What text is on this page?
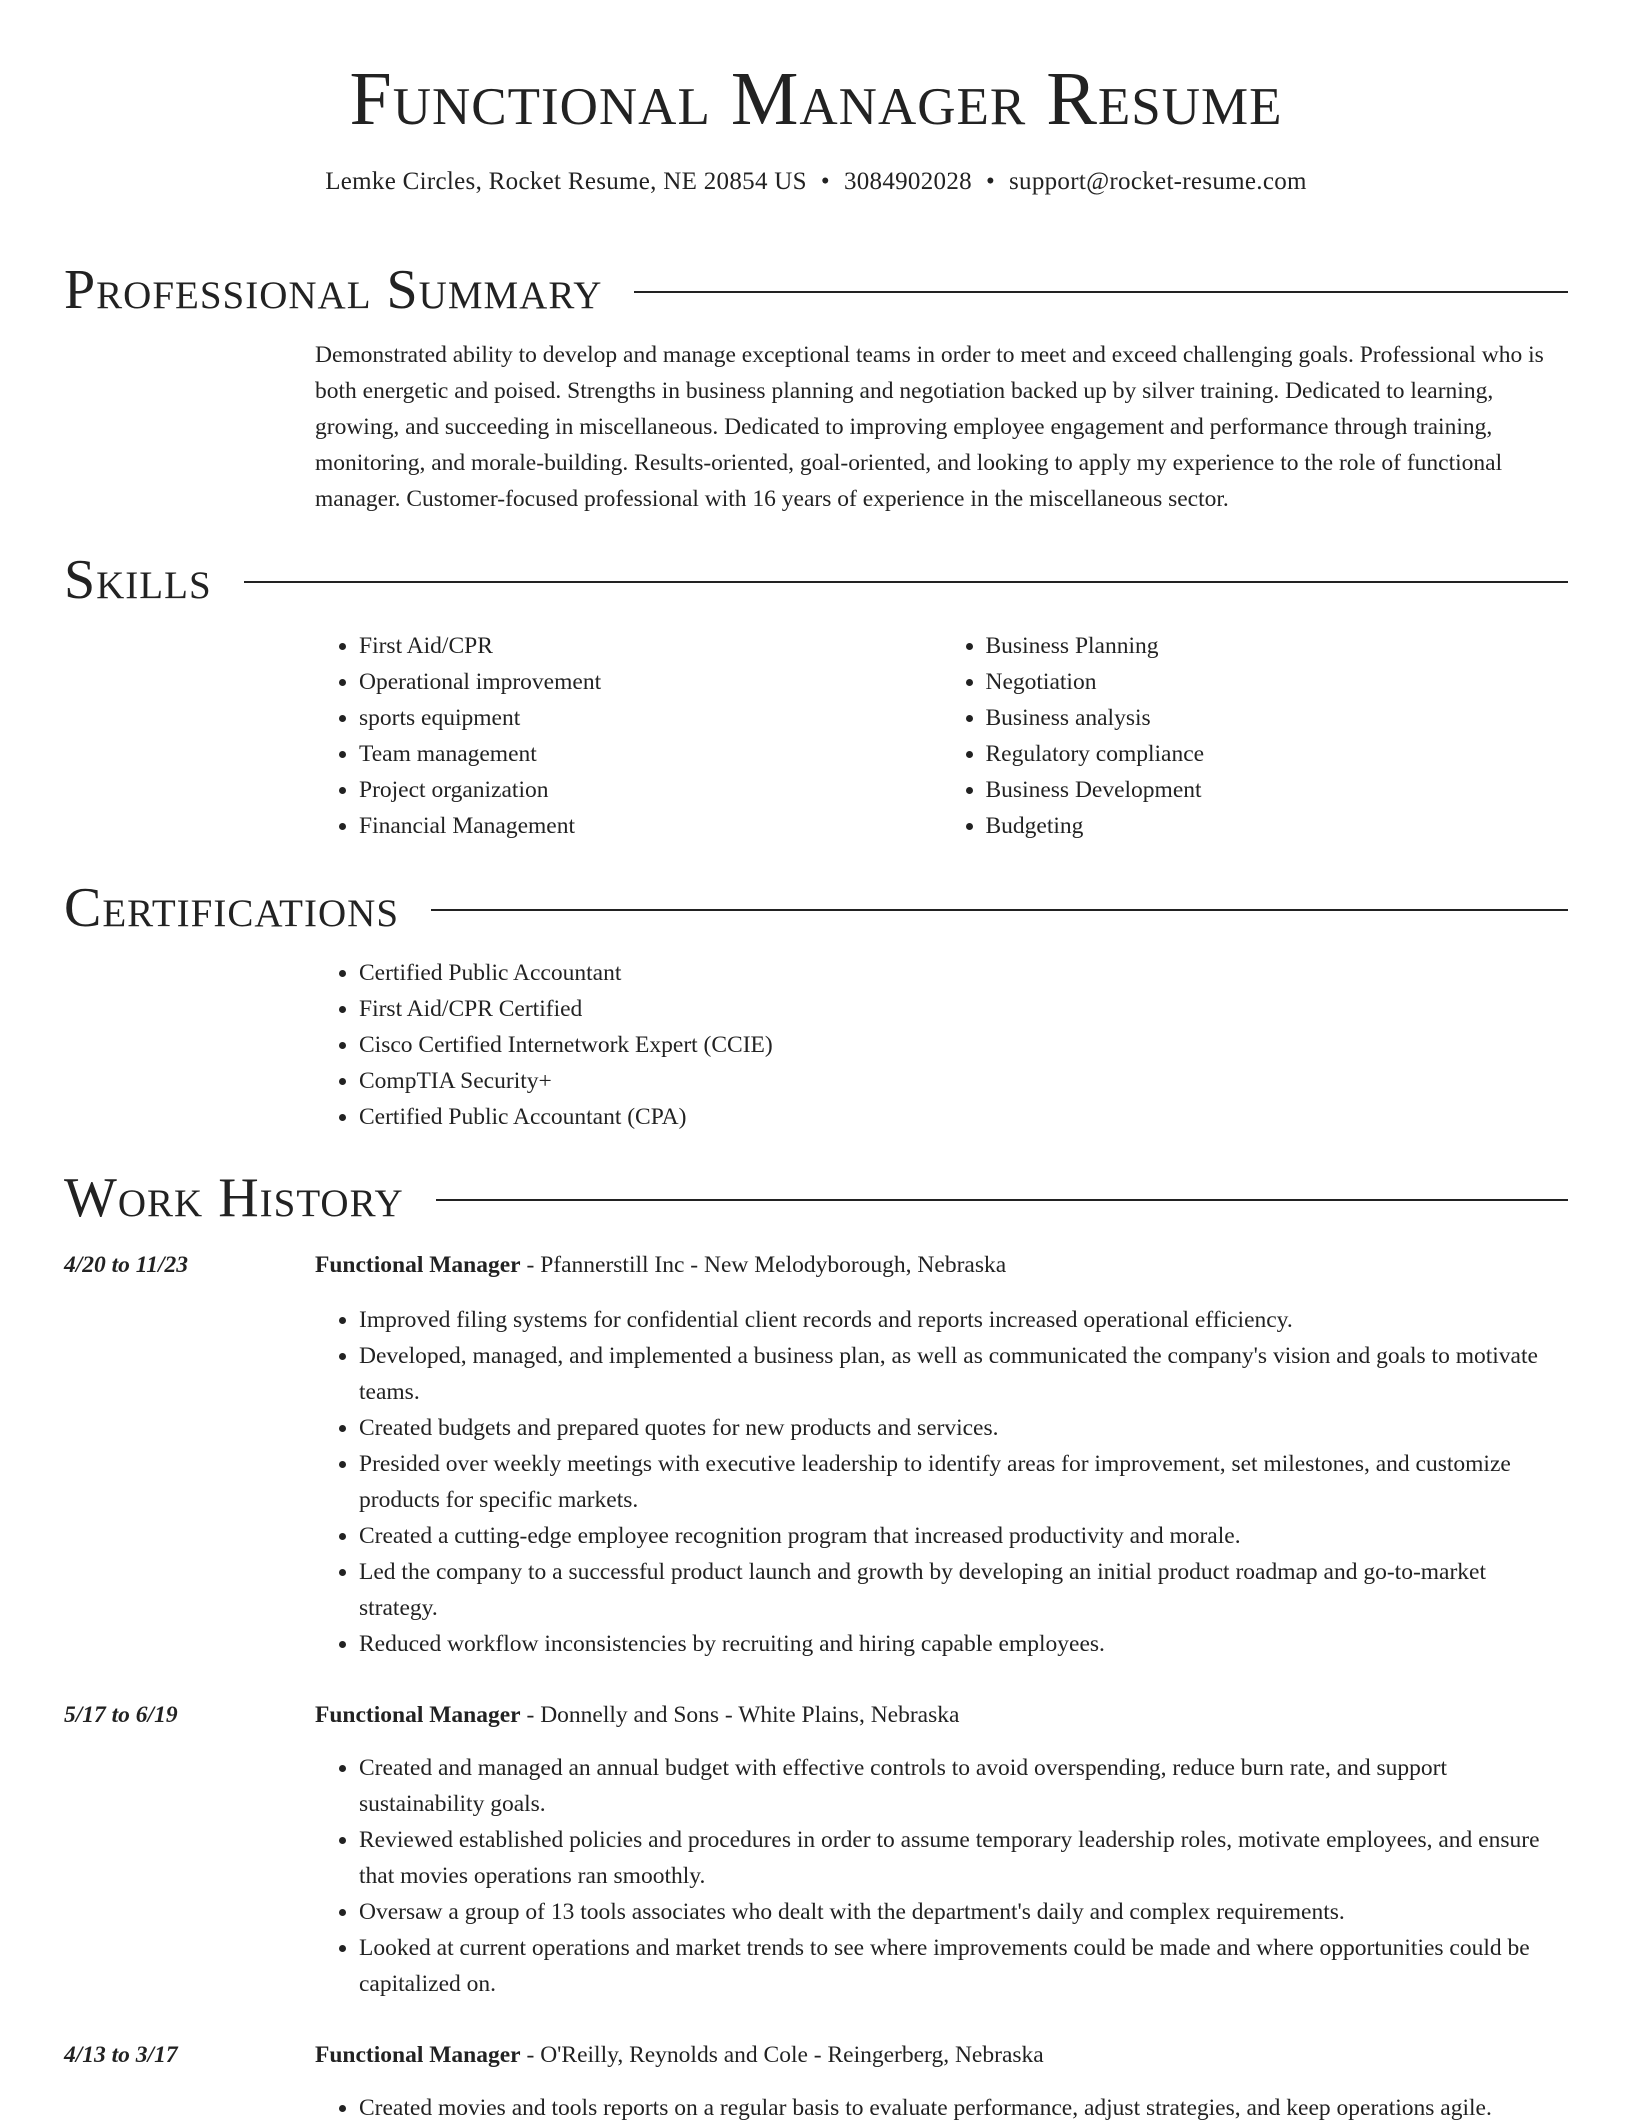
Functional Manager Resume
Lemke Circles, Rocket Resume, NE 20854 US • 3084902028 • support@rocket-resume.com
Professional Summary

Demonstrated ability to develop and manage exceptional teams in order to meet and exceed challenging goals. Professional who is both energetic and poised. Strengths in business planning and negotiation backed up by silver training. Dedicated to learning, growing, and succeeding in miscellaneous. Dedicated to improving employee engagement and performance through training, monitoring, and morale-building. Results-oriented, goal-oriented, and looking to apply my experience to the role of functional manager. Customer-focused professional with 16 years of experience in the miscellaneous sector.

Skills
• First Aid/CPR
• Operational improvement
• sports equipment
• Team management
• Project organization
• Financial Management
• Business Planning
• Negotiation
• Business analysis
• Regulatory compliance
• Business Development
• Budgeting
Certifications
• Certified Public Accountant
• First Aid/CPR Certified
• Cisco Certified Internetwork Expert (CCIE)
• CompTIA Security+
• Certified Public Accountant (CPA)
Work History
4/20 to 11/23	Functional Manager - Pfannerstill Inc - New Melodyborough, Nebraska
• Improved filing systems for confidential client records and reports increased operational efficiency.
• Developed, managed, and implemented a business plan, as well as communicated the company's vision and goals to motivate teams.
• Created budgets and prepared quotes for new products and services.
• Presided over weekly meetings with executive leadership to identify areas for improvement, set milestones, and customize products for specific markets.
• Created a cutting-edge employee recognition program that increased productivity and morale.
• Led the company to a successful product launch and growth by developing an initial product roadmap and go-to-market strategy.
• Reduced workflow inconsistencies by recruiting and hiring capable employees.
5/17 to 6/19	Functional Manager - Donnelly and Sons - White Plains, Nebraska
• Created and managed an annual budget with effective controls to avoid overspending, reduce burn rate, and support sustainability goals.
• Reviewed established policies and procedures in order to assume temporary leadership roles, motivate employees, and ensure that movies operations ran smoothly.
• Oversaw a group of 13 tools associates who dealt with the department's daily and complex requirements.
• Looked at current operations and market trends to see where improvements could be made and where opportunities could be capitalized on.
4/13 to 3/17	Functional Manager - O'Reilly, Reynolds and Cole - Reingerberg, Nebraska
• Created movies and tools reports on a regular basis to evaluate performance, adjust strategies, and keep operations agile.
